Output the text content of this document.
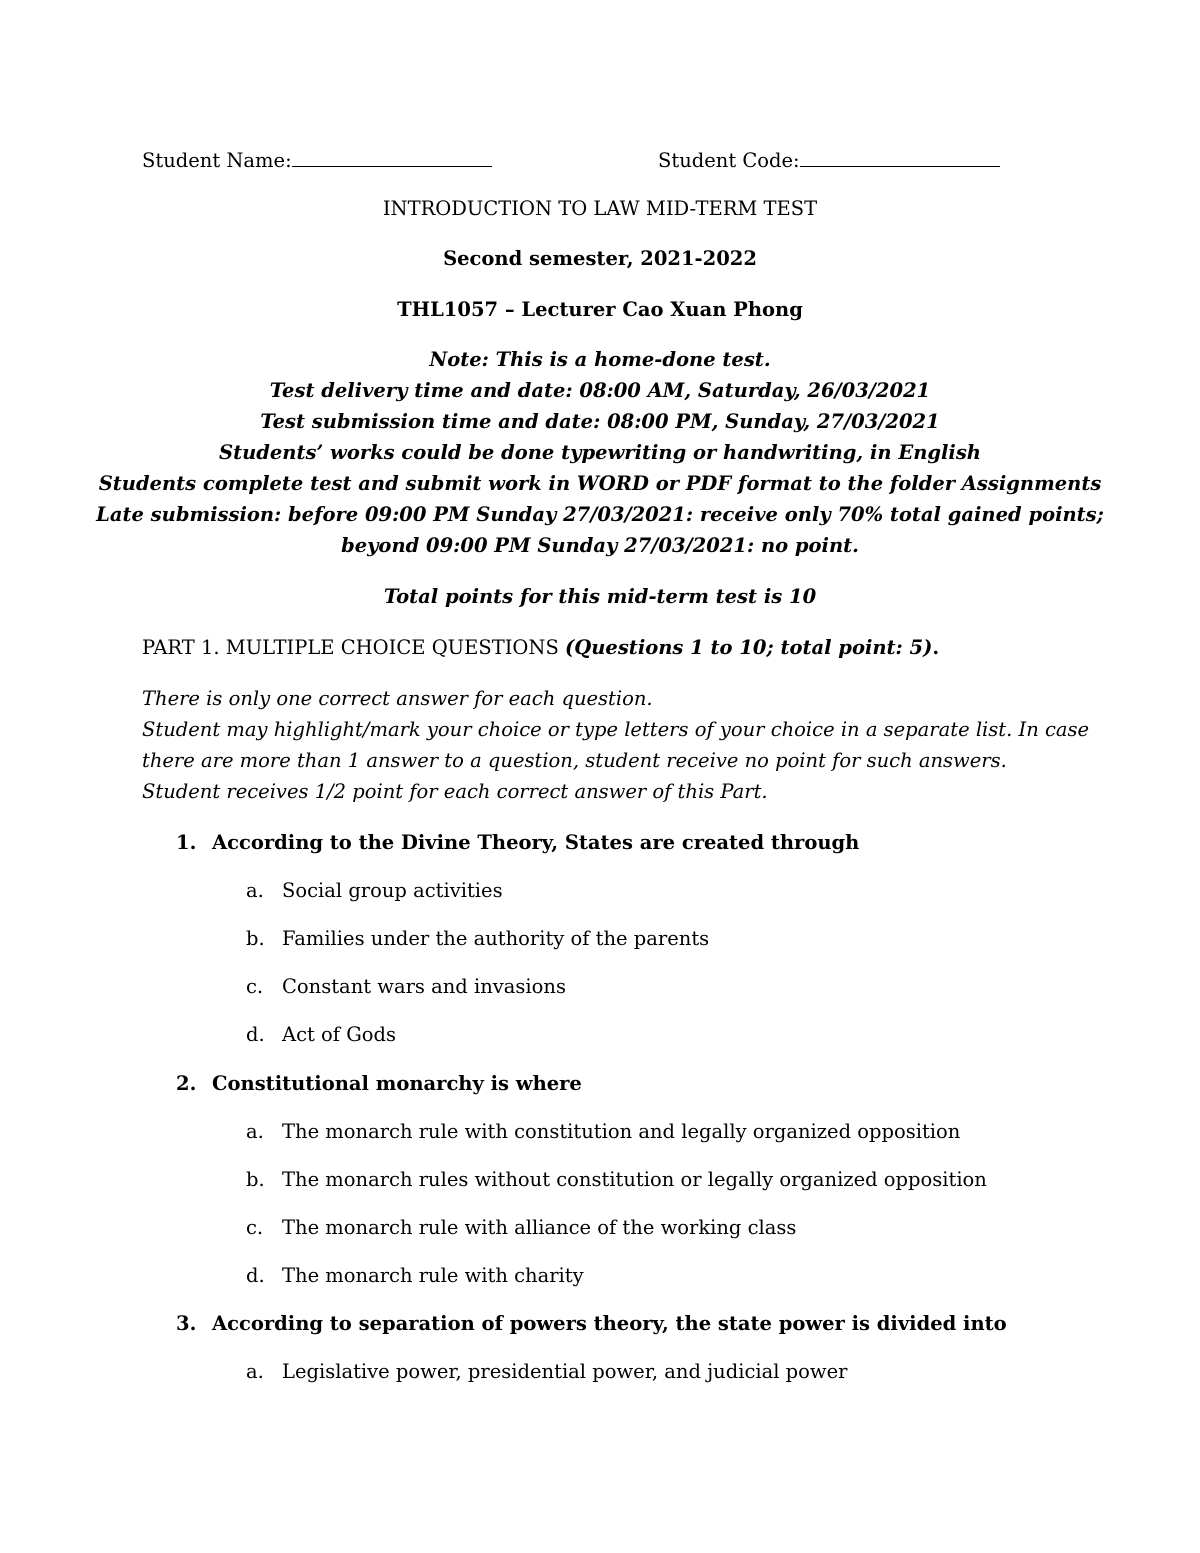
Student Name:	Student Code:
INTRODUCTION TO LAW MID-TERM TEST
Second semester, 2021-2022
THL1057 – Lecturer Cao Xuan Phong
Note: This is a home-done test.
Test delivery time and date: 08:00 AM, Saturday, 26/03/2021
Test submission time and date: 08:00 PM, Sunday, 27/03/2021
Students’ works could be done typewriting or handwriting, in English
Students complete test and submit work in WORD or PDF format to the folder Assignments
Late submission: before 09:00 PM Sunday 27/03/2021: receive only 70% total gained points;
beyond 09:00 PM Sunday 27/03/2021: no point.
Total points for this mid-term test is 10
PART 1. MULTIPLE CHOICE QUESTIONS (Questions 1 to 10; total point: 5).
There is only one correct answer for each question.
Student may highlight/mark your choice or type letters of your choice in a separate list. In case
there are more than 1 answer to a question, student receive no point for such answers.
Student receives 1/2 point for each correct answer of this Part.
1. According to the Divine Theory, States are created through
a. Social group activities
b. Families under the authority of the parents
c. Constant wars and invasions
d. Act of Gods
2. Constitutional monarchy is where
a. The monarch rule with constitution and legally organized opposition
b. The monarch rules without constitution or legally organized opposition
c. The monarch rule with alliance of the working class
d. The monarch rule with charity
3. According to separation of powers theory, the state power is divided into
a. Legislative power, presidential power, and judicial power
